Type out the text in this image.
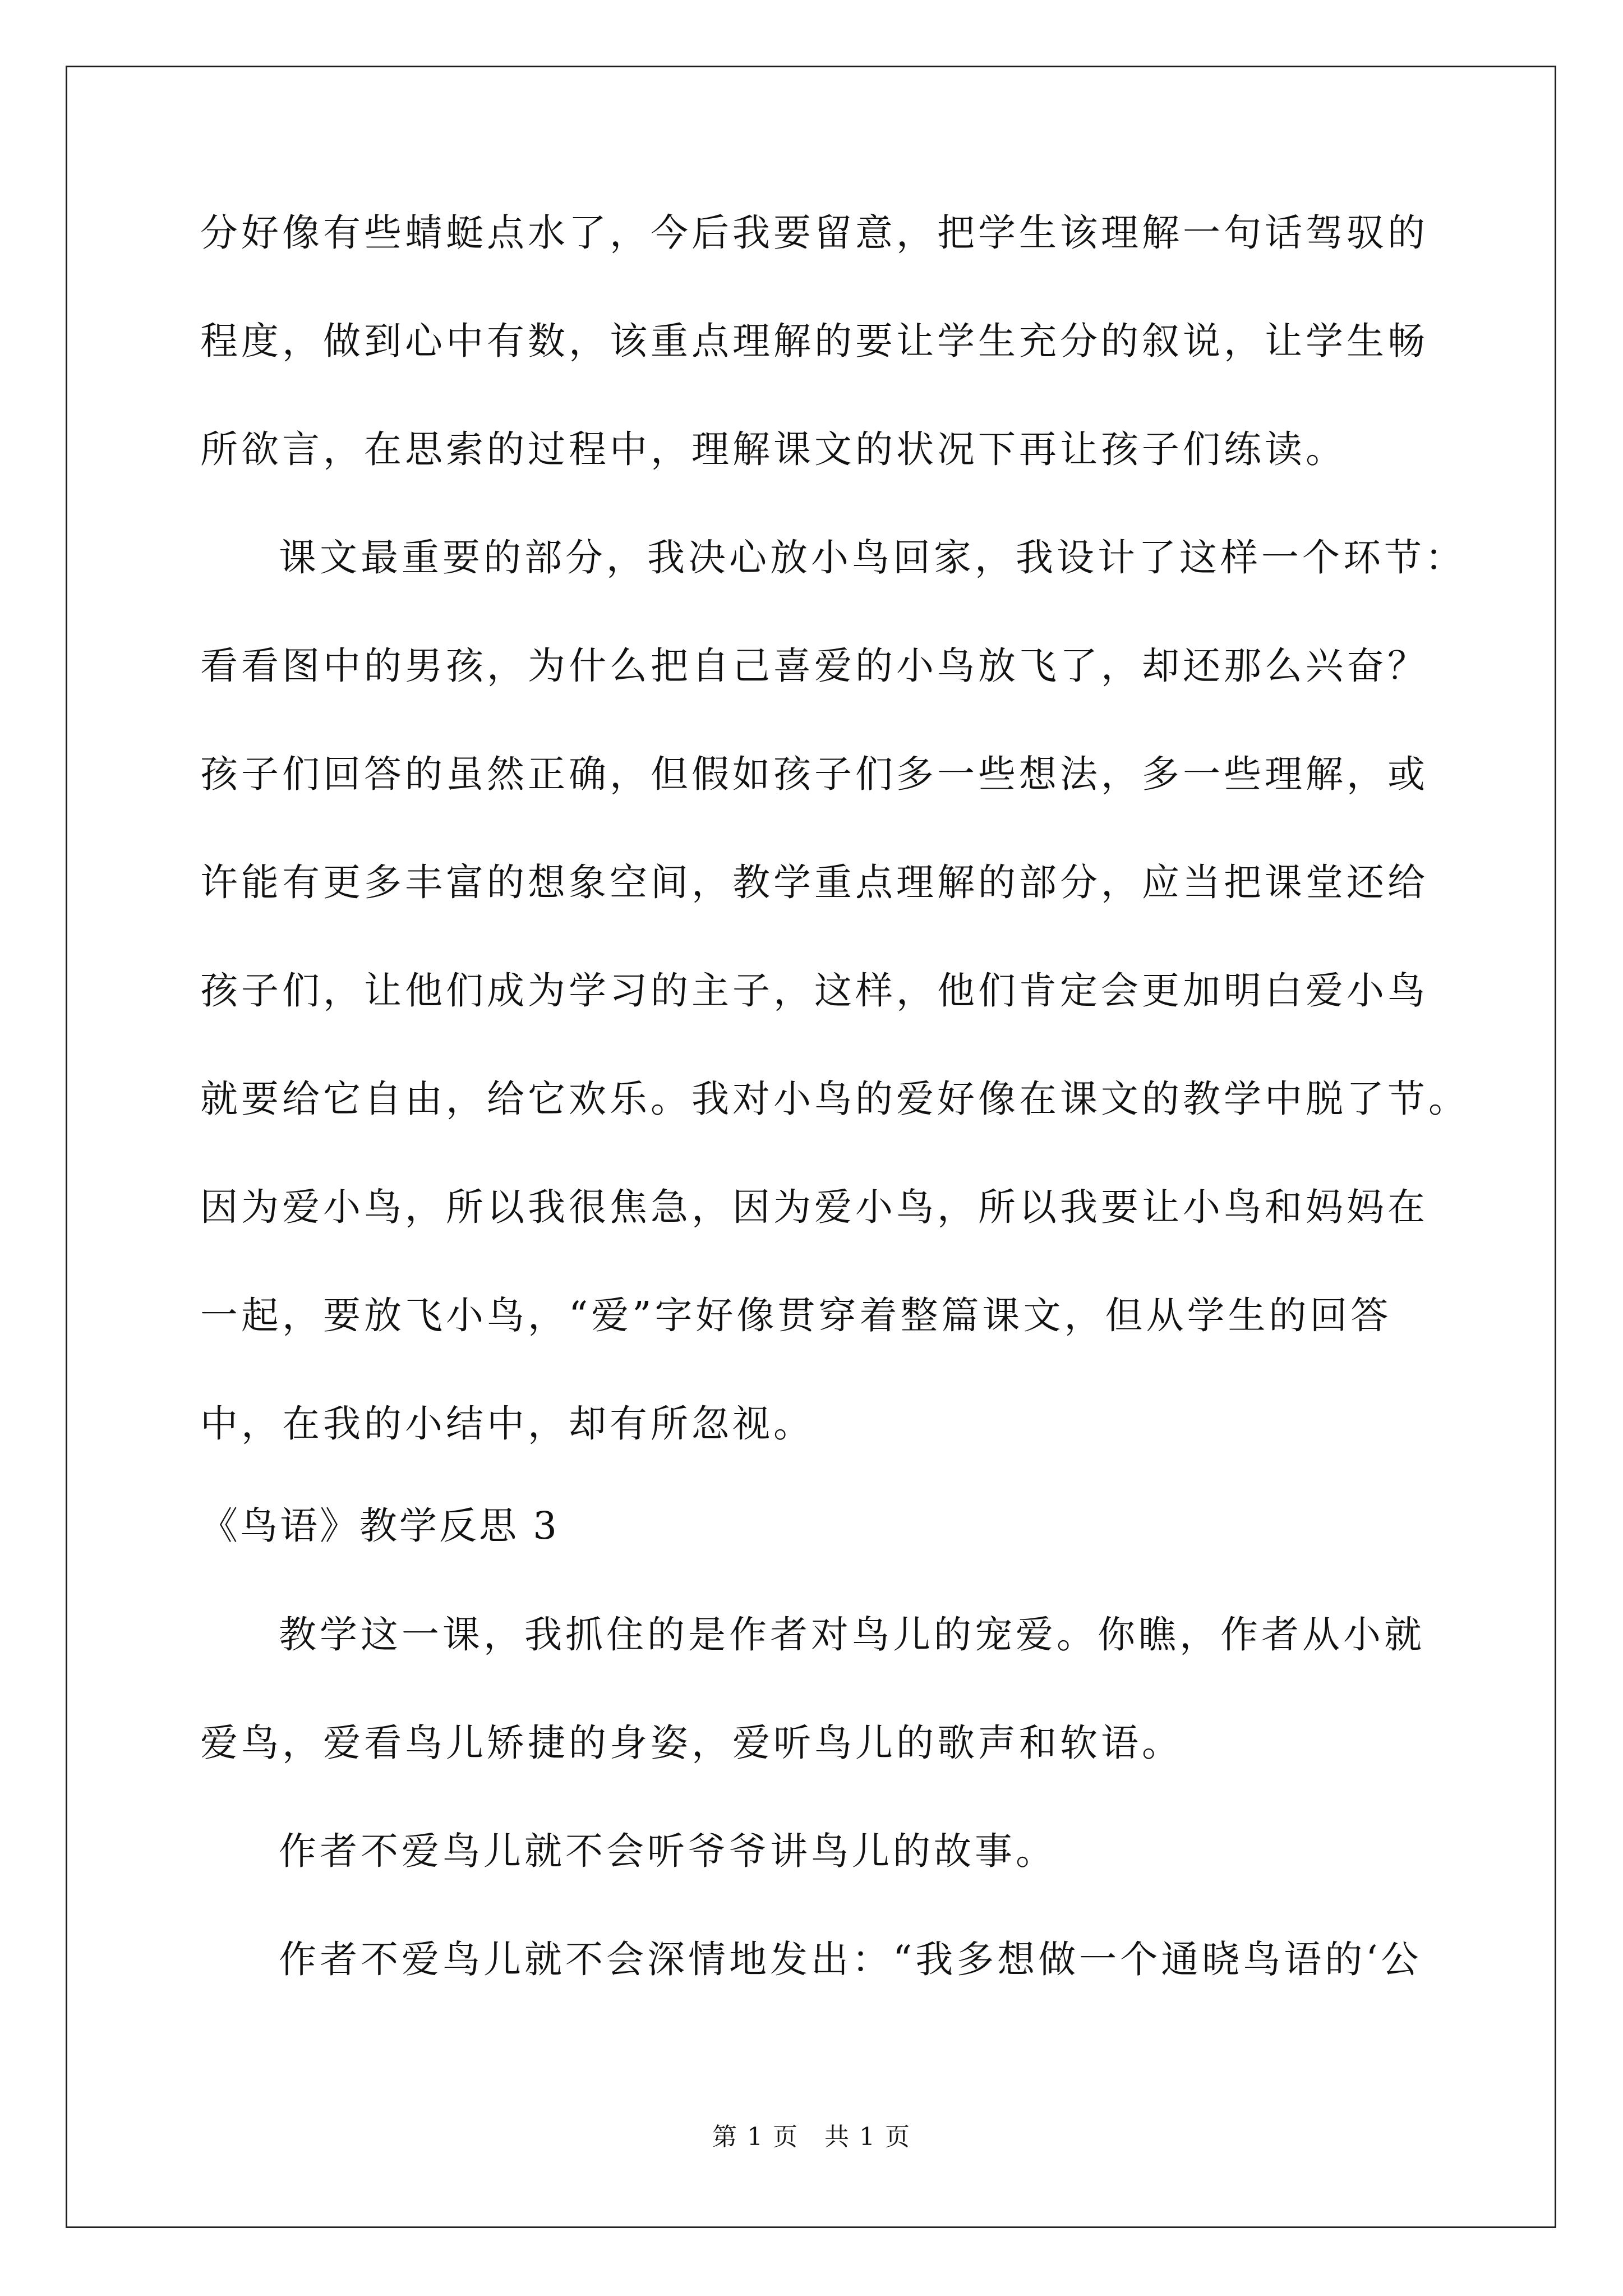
分好像有些蜻蜓点水了，今后我要留意，把学生该理解一句话驾驭的
程度，做到心中有数，该重点理解的要让学生充分的叙说，让学生畅
所欲言，在思索的过程中，理解课文的状况下再让孩子们练读。
课文最重要的部分，我决心放小鸟回家，我设计了这样一个环节：
看看图中的男孩，为什么把自己喜爱的小鸟放飞了，却还那么兴奋？
孩子们回答的虽然正确，但假如孩子们多一些想法，多一些理解，或
许能有更多丰富的想象空间，教学重点理解的部分，应当把课堂还给
孩子们，让他们成为学习的主子，这样，他们肯定会更加明白爱小鸟
就要给它自由，给它欢乐。我对小鸟的爱好像在课文的教学中脱了节。
因为爱小鸟，所以我很焦急，因为爱小鸟，所以我要让小鸟和妈妈在
一起，要放飞小鸟，“爱”字好像贯穿着整篇课文，但从学生的回答
中，在我的小结中，却有所忽视。
《鸟语》教学反思 3
教学这一课，我抓住的是作者对鸟儿的宠爱。你瞧，作者从小就
爱鸟，爱看鸟儿矫捷的身姿，爱听鸟儿的歌声和软语。
作者不爱鸟儿就不会听爷爷讲鸟儿的故事。
作者不爱鸟儿就不会深情地发出：“我多想做一个通晓鸟语的‘公
第 1 页　共 1 页
